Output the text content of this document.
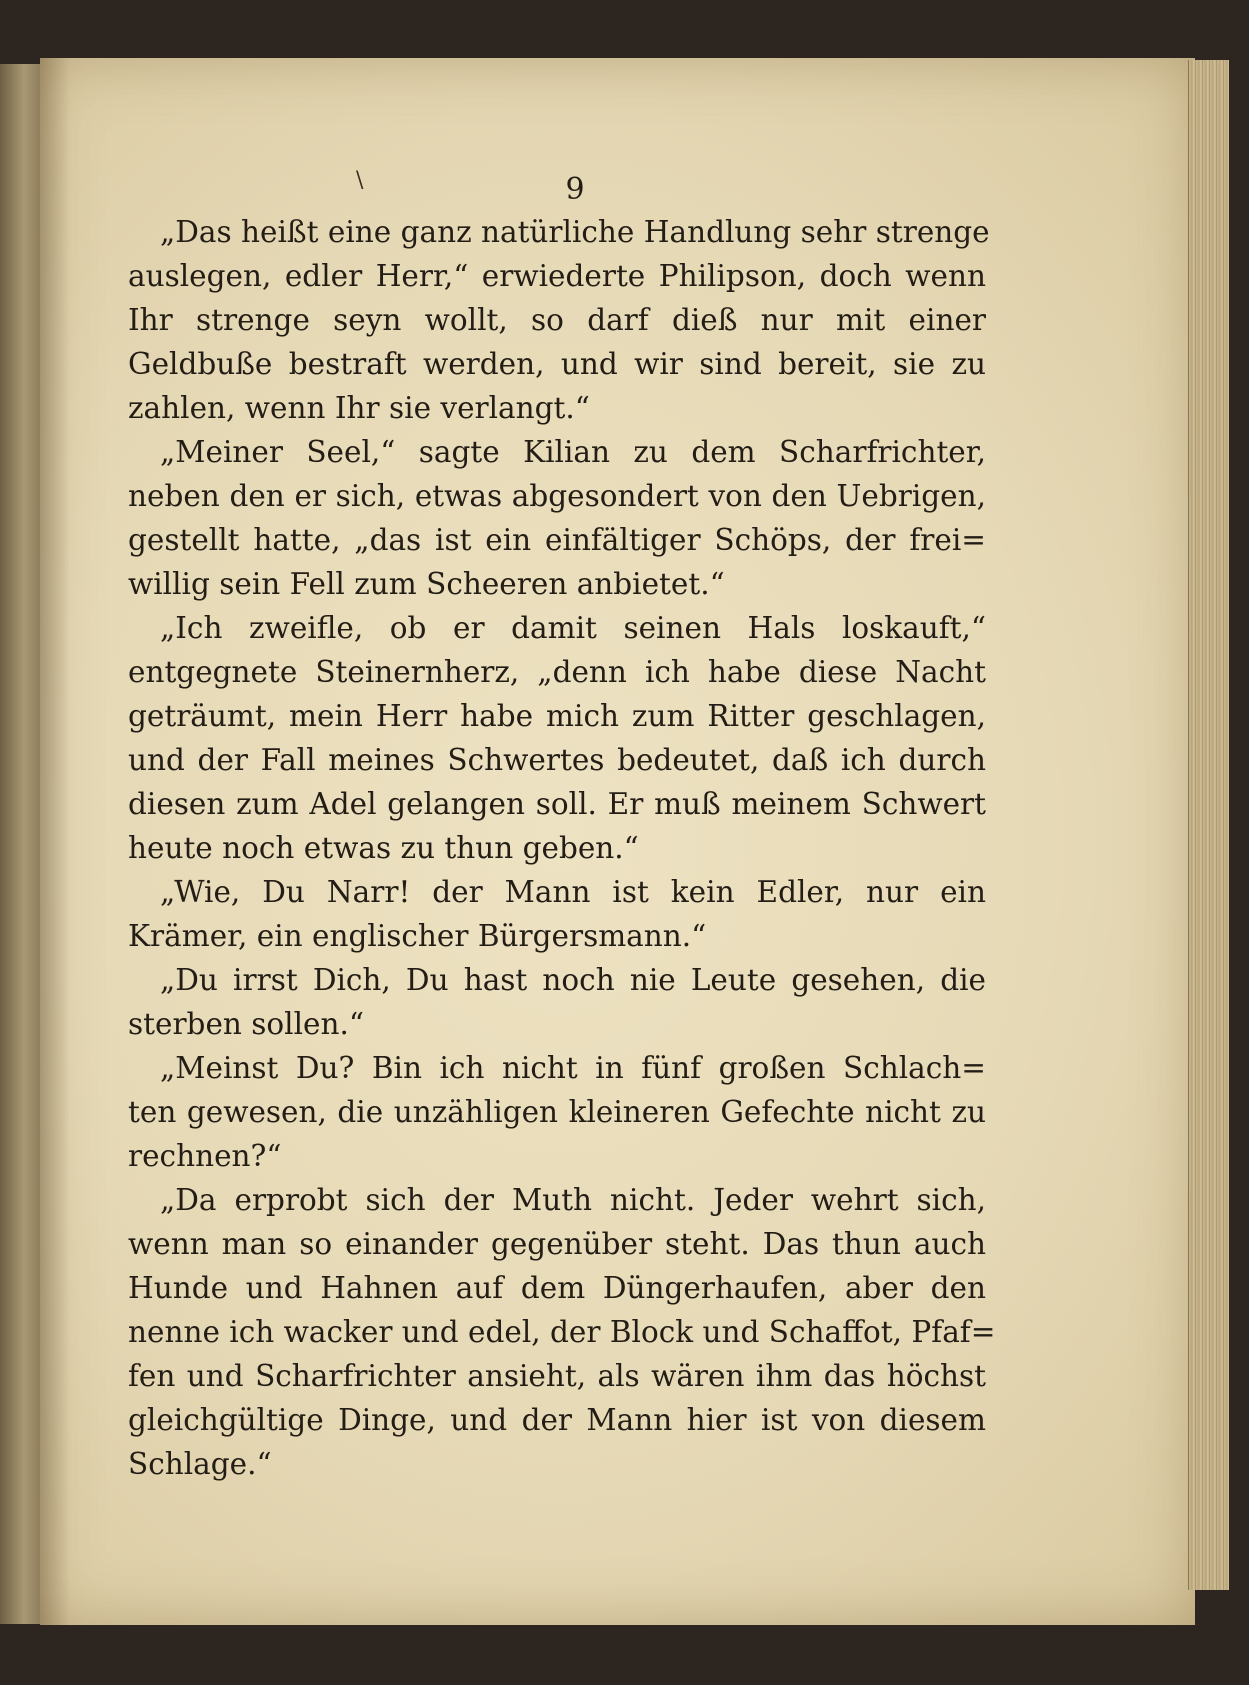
\	9
„Das heißt eine ganz natürliche Handlung sehr strenge
auslegen, edler Herr,“ erwiederte Philipson, doch wenn
Ihr strenge seyn wollt, so darf dieß nur mit einer
Geldbuße bestraft werden, und wir sind bereit, sie zu
zahlen, wenn Ihr sie verlangt.“
„Meiner Seel,“ sagte Kilian zu dem Scharfrichter,
neben den er sich, etwas abgesondert von den Uebrigen,
gestellt hatte, „das ist ein einfältiger Schöps, der frei=
willig sein Fell zum Scheeren anbietet.“
„Ich zweifle, ob er damit seinen Hals loskauft,“
entgegnete Steinernherz, „denn ich habe diese Nacht
geträumt, mein Herr habe mich zum Ritter geschlagen,
und der Fall meines Schwertes bedeutet, daß ich durch
diesen zum Adel gelangen soll. Er muß meinem Schwert
heute noch etwas zu thun geben.“
„Wie, Du Narr! der Mann ist kein Edler, nur ein
Krämer, ein englischer Bürgersmann.“
„Du irrst Dich, Du hast noch nie Leute gesehen, die
sterben sollen.“
„Meinst Du? Bin ich nicht in fünf großen Schlach=
ten gewesen, die unzähligen kleineren Gefechte nicht zu
rechnen?“
„Da erprobt sich der Muth nicht. Jeder wehrt sich,
wenn man so einander gegenüber steht. Das thun auch
Hunde und Hahnen auf dem Düngerhaufen, aber den
nenne ich wacker und edel, der Block und Schaffot, Pfaf=
fen und Scharfrichter ansieht, als wären ihm das höchst
gleichgültige Dinge, und der Mann hier ist von diesem
Schlage.“
